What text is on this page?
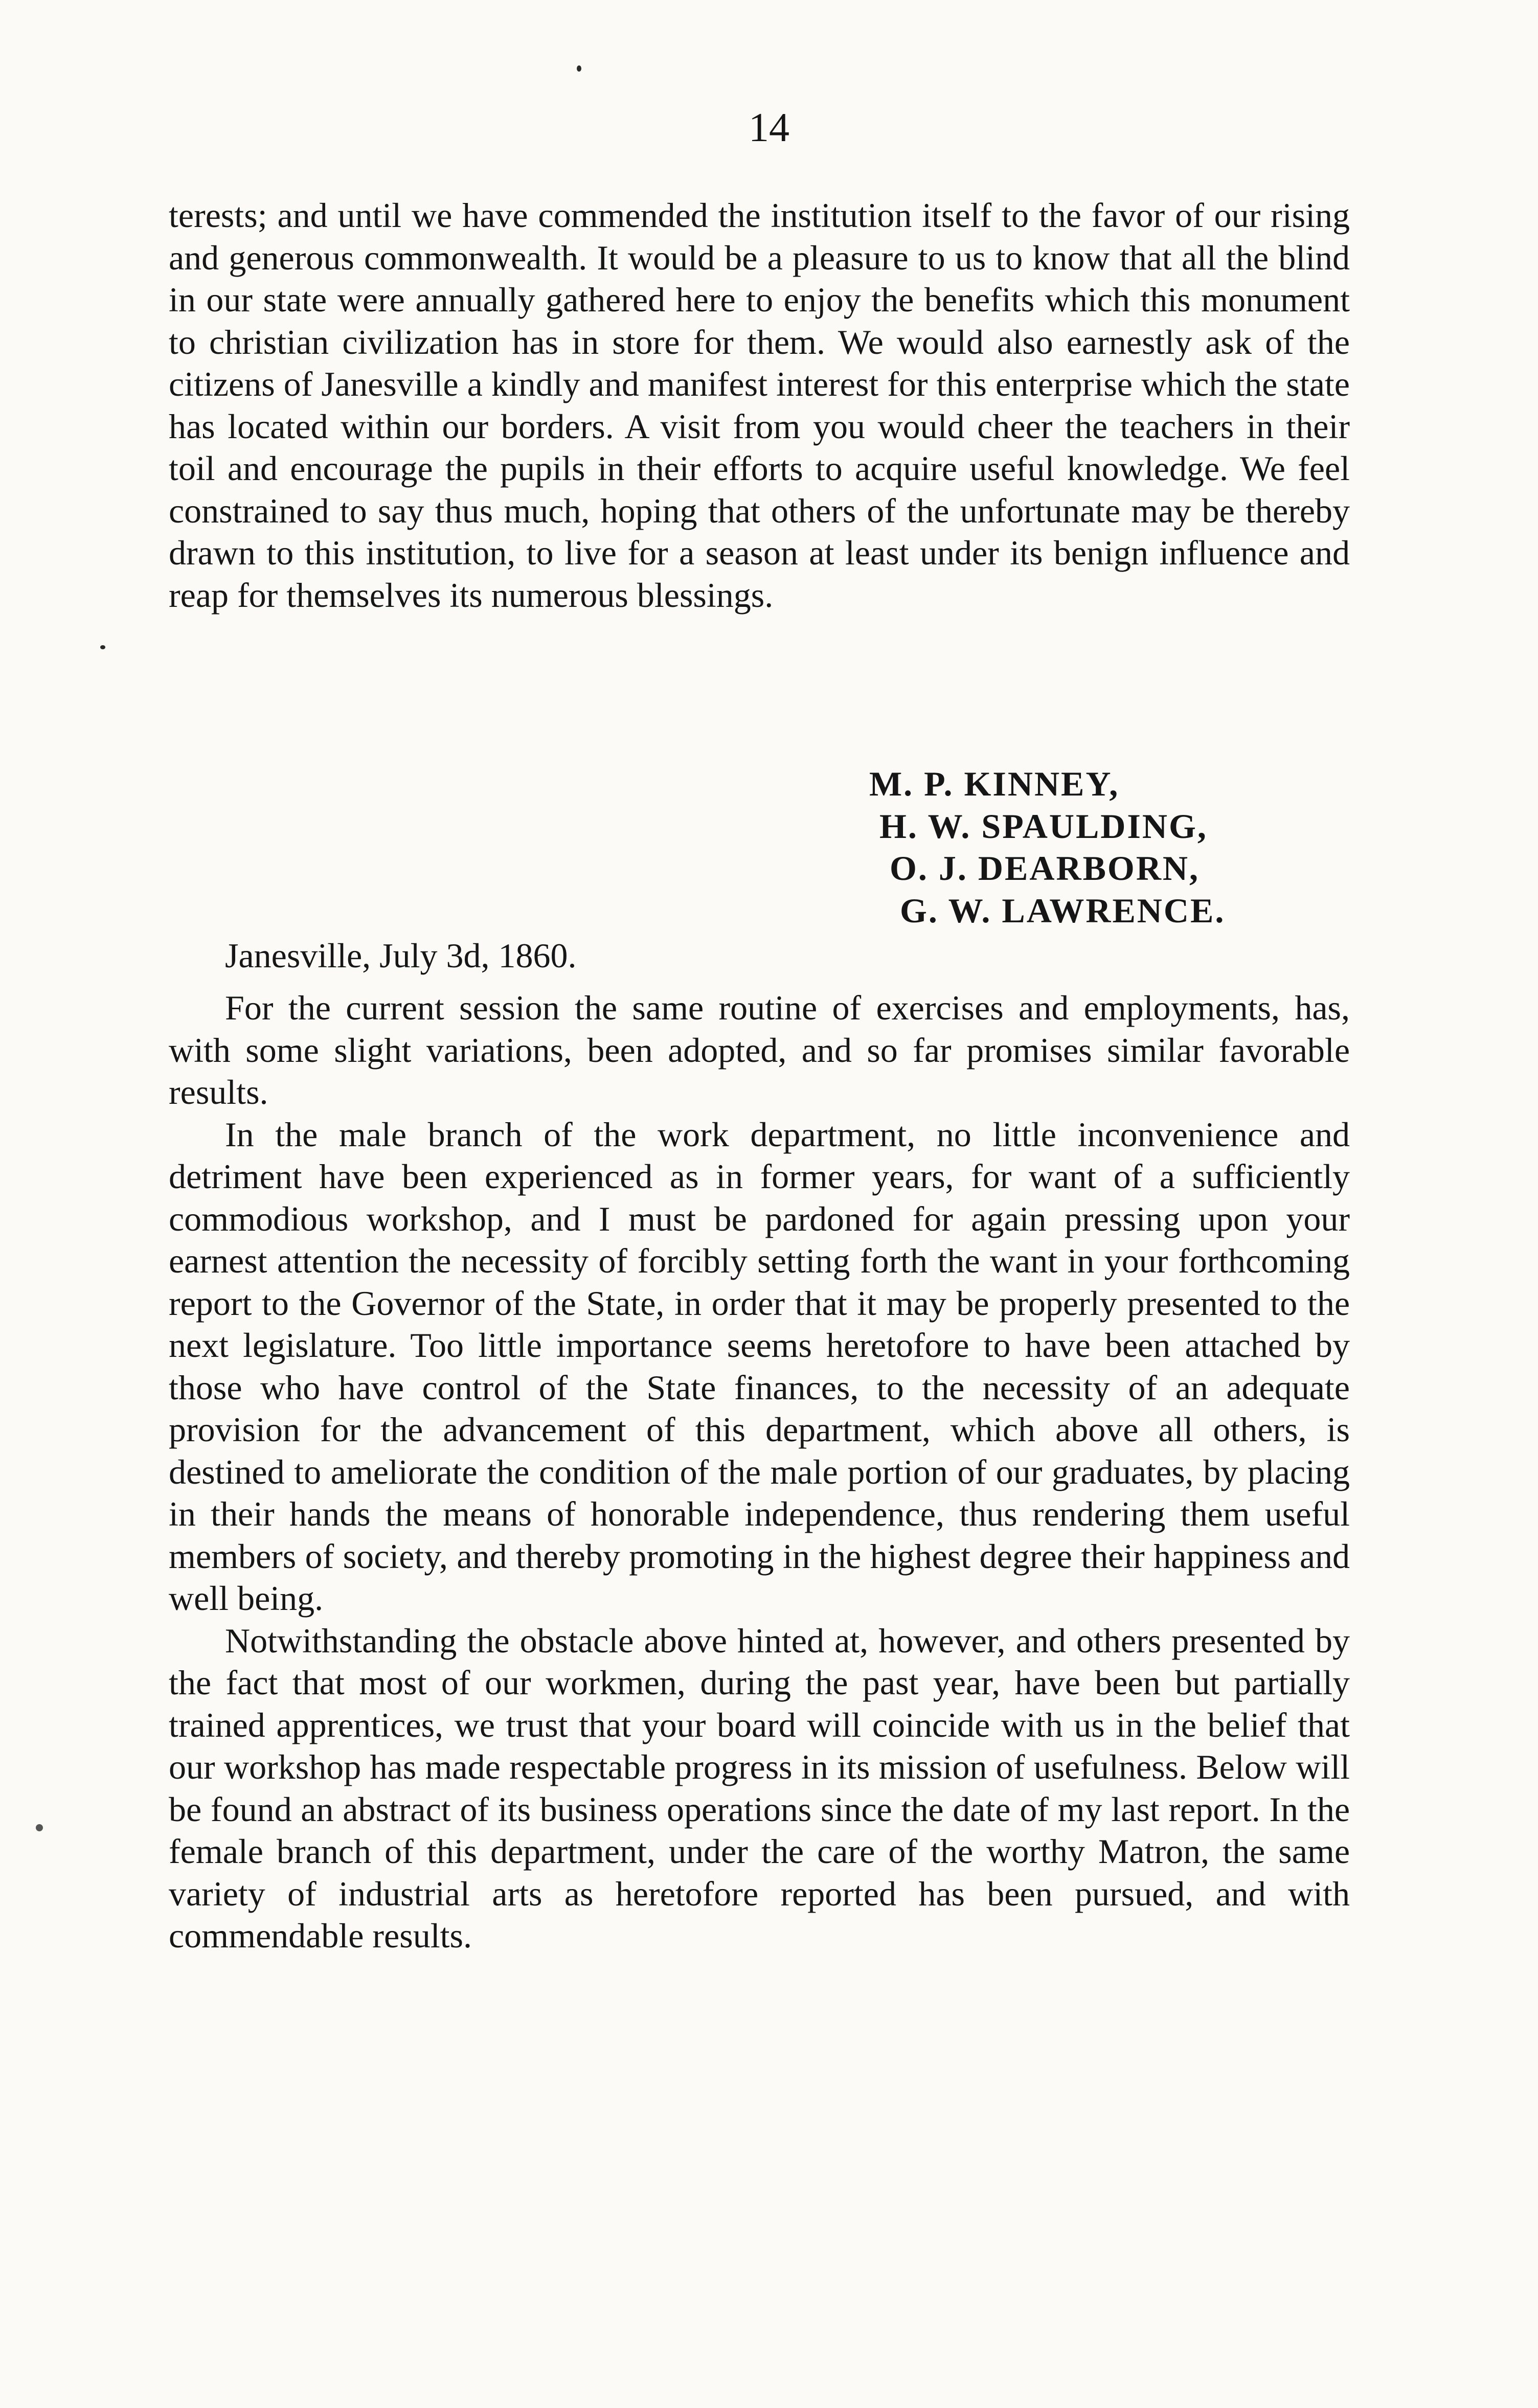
14

terests; and until we have commended the institution itself to the favor of our rising and generous commonwealth. It would be a pleasure to us to know that all the blind in our state were annually gathered here to enjoy the benefits which this monument to christian civilization has in store for them. We would also earnestly ask of the citizens of Janesville a kindly and manifest interest for this enterprise which the state has located within our borders. A visit from you would cheer the teachers in their toil and encourage the pupils in their efforts to acquire useful knowledge. We feel constrained to say thus much, hoping that others of the unfortunate may be thereby drawn to this institution, to live for a season at least under its benign influence and reap for themselves its numerous blessings.

M. P. KINNEY,
H. W. SPAULDING,
O. J. DEARBORN,
G. W. LAWRENCE.
Janesville, July 3d, 1860.

For the current session the same routine of exercises and employments, has, with some slight variations, been adopted, and so far promises similar favorable results.

In the male branch of the work department, no little inconvenience and detriment have been experienced as in former years, for want of a sufficiently commodious workshop, and I must be pardoned for again pressing upon your earnest attention the necessity of forcibly setting forth the want in your forthcoming report to the Governor of the State, in order that it may be properly presented to the next legislature. Too little importance seems heretofore to have been attached by those who have control of the State finances, to the necessity of an adequate provision for the advancement of this department, which above all others, is destined to ameliorate the condition of the male portion of our graduates, by placing in their hands the means of honorable independence, thus rendering them useful members of society, and thereby promoting in the highest degree their happiness and well being.

Notwithstanding the obstacle above hinted at, however, and others presented by the fact that most of our workmen, during the past year, have been but partially trained apprentices, we trust that your board will coincide with us in the belief that our workshop has made respectable progress in its mission of usefulness. Below will be found an abstract of its business operations since the date of my last report. In the female branch of this department, under the care of the worthy Matron, the same variety of industrial arts as heretofore reported has been pursued, and with commendable results.
